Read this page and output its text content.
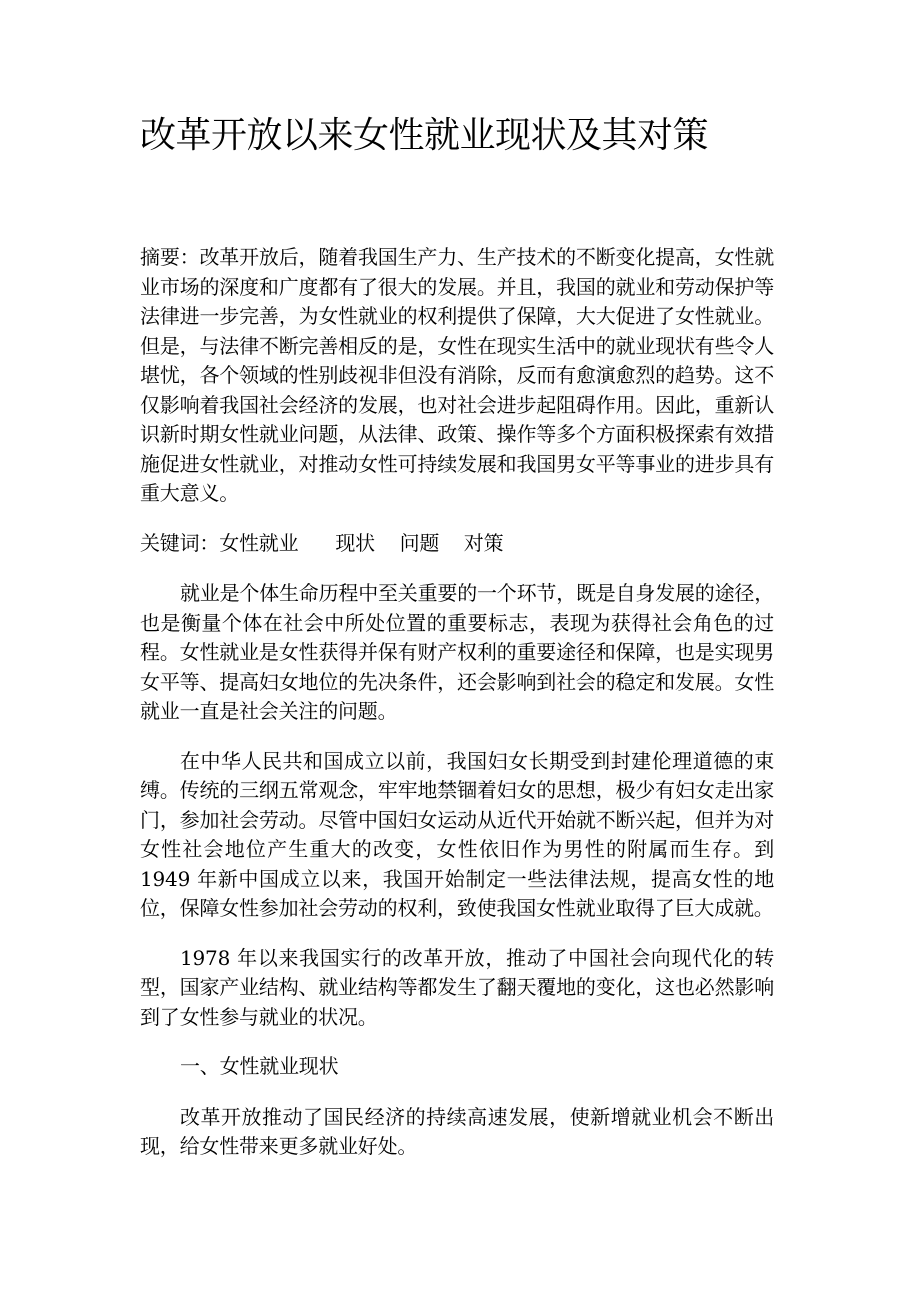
改革开放以来女性就业现状及其对策

摘要：改革开放后，随着我国生产力、生产技术的不断变化提高，女性就业市场的深度和广度都有了很大的发展。并且，我国的就业和劳动保护等法律进一步完善，为女性就业的权利提供了保障，大大促进了女性就业。但是，与法律不断完善相反的是，女性在现实生活中的就业现状有些令人堪忧，各个领域的性别歧视非但没有消除，反而有愈演愈烈的趋势。这不仅影响着我国社会经济的发展，也对社会进步起阻碍作用。因此，重新认识新时期女性就业问题，从法律、政策、操作等多个方面积极探索有效措施促进女性就业，对推动女性可持续发展和我国男女平等事业的进步具有重大意义。

关键词：女性就业      现状    问题    对策

就业是个体生命历程中至关重要的一个环节，既是自身发展的途径，也是衡量个体在社会中所处位置的重要标志，表现为获得社会角色的过程。女性就业是女性获得并保有财产权利的重要途径和保障，也是实现男女平等、提高妇女地位的先决条件，还会影响到社会的稳定和发展。女性就业一直是社会关注的问题。

在中华人民共和国成立以前，我国妇女长期受到封建伦理道德的束缚。传统的三纲五常观念，牢牢地禁锢着妇女的思想，极少有妇女走出家门，参加社会劳动。尽管中国妇女运动从近代开始就不断兴起，但并为对女性社会地位产生重大的改变，女性依旧作为男性的附属而生存。到 1949 年新中国成立以来，我国开始制定一些法律法规，提高女性的地位，保障女性参加社会劳动的权利，致使我国女性就业取得了巨大成就。

1978 年以来我国实行的改革开放，推动了中国社会向现代化的转型，国家产业结构、就业结构等都发生了翻天覆地的变化，这也必然影响到了女性参与就业的状况。

一、女性就业现状

改革开放推动了国民经济的持续高速发展，使新增就业机会不断出现，给女性带来更多就业好处。
